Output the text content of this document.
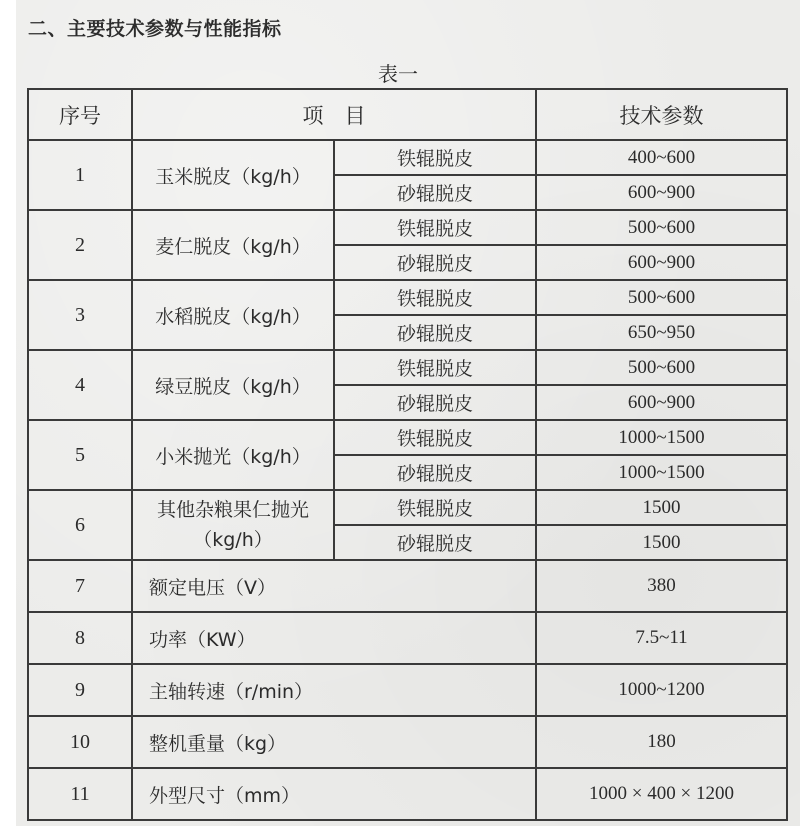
二、主要技术参数与性能指标
表一
序号	项　目		技术参数
1	玉米脱皮（kg/h）	铁辊脱皮	400~600
		砂辊脱皮	600~900
2	麦仁脱皮（kg/h）	铁辊脱皮	500~600
		砂辊脱皮	600~900
3	水稻脱皮（kg/h）	铁辊脱皮	500~600
		砂辊脱皮	650~950
4	绿豆脱皮（kg/h）	铁辊脱皮	500~600
		砂辊脱皮	600~900
5	小米抛光（kg/h）	铁辊脱皮	1000~1500
		砂辊脱皮	1000~1500
6	其他杂粮果仁抛光
（kg/h）	铁辊脱皮	1500
		砂辊脱皮	1500
7	额定电压（V）		380
8	功率（KW）		7.5~11
9	主轴转速（r/min）		1000~1200
10	整机重量（kg）		180
11	外型尺寸（mm）		1000 × 400 × 1200
